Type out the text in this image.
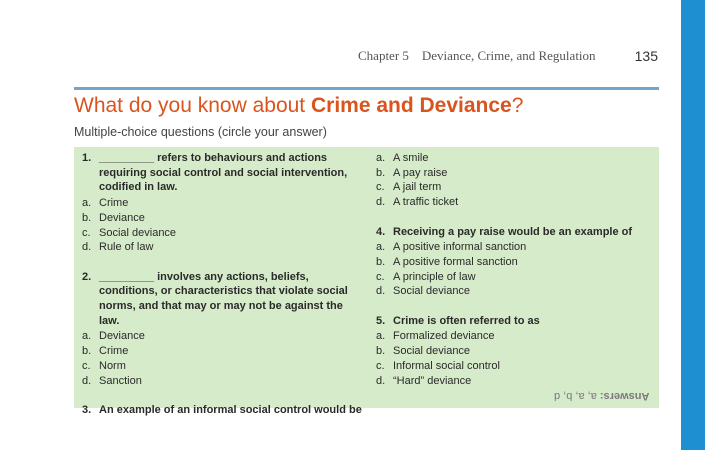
Chapter 5    Deviance, Crime, and Regulation	135
What do you know about Crime and Deviance?
Multiple-choice questions (circle your answer)
1. _________ refers to behaviours and actions requiring social control and social intervention, codified in law.
a. Crime
b. Deviance
c. Social deviance
d. Rule of law
2. _________ involves any actions, beliefs, conditions, or characteristics that violate social norms, and that may or may not be against the law.
a. Deviance
b. Crime
c. Norm
d. Sanction
3. An example of an informal social control would be
a. A smile
b. A pay raise
c. A jail term
d. A traffic ticket
4. Receiving a pay raise would be an example of
a. A positive informal sanction
b. A positive formal sanction
c. A principle of law
d. Social deviance
5. Crime is often referred to as
a. Formalized deviance
b. Social deviance
c. Informal social control
d. “Hard” deviance
Answers: a, a, b, d
